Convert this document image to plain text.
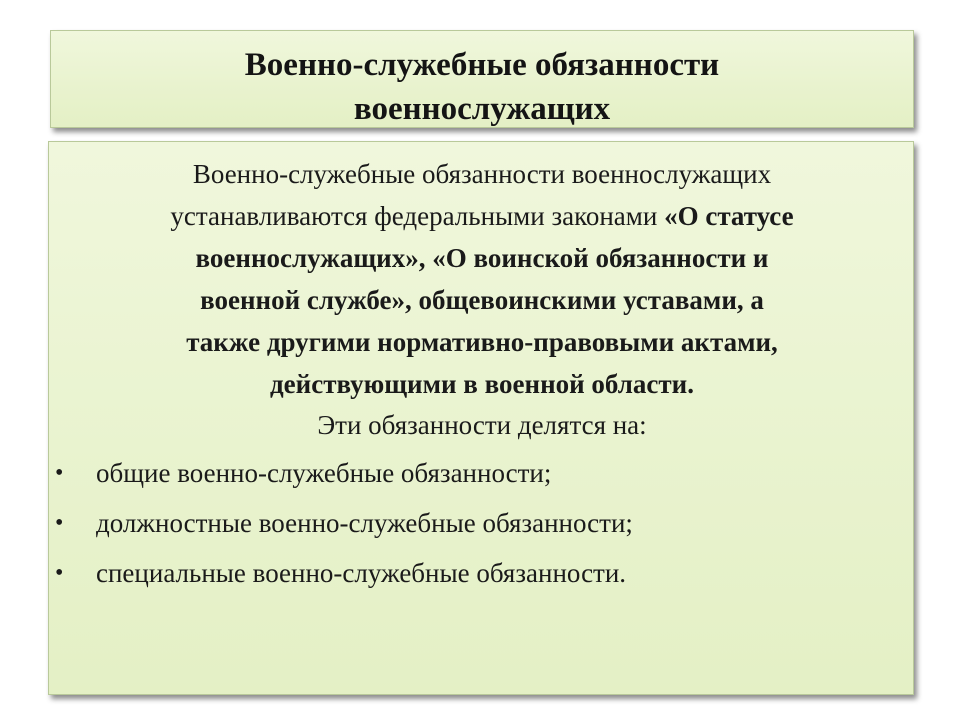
Военно-служебные обязанности
военнослужащих
Военно-служебные обязанности военнослужащих
устанавливаются федеральными законами «О статусе
военнослужащих», «О воинской обязанности и
военной службе», общевоинскими уставами, а
также другими нормативно-правовыми актами,
действующими в военной области.
Эти обязанности делятся на:
• общие военно-служебные обязанности;
• должностные военно-служебные обязанности;
• специальные военно-служебные обязанности.
